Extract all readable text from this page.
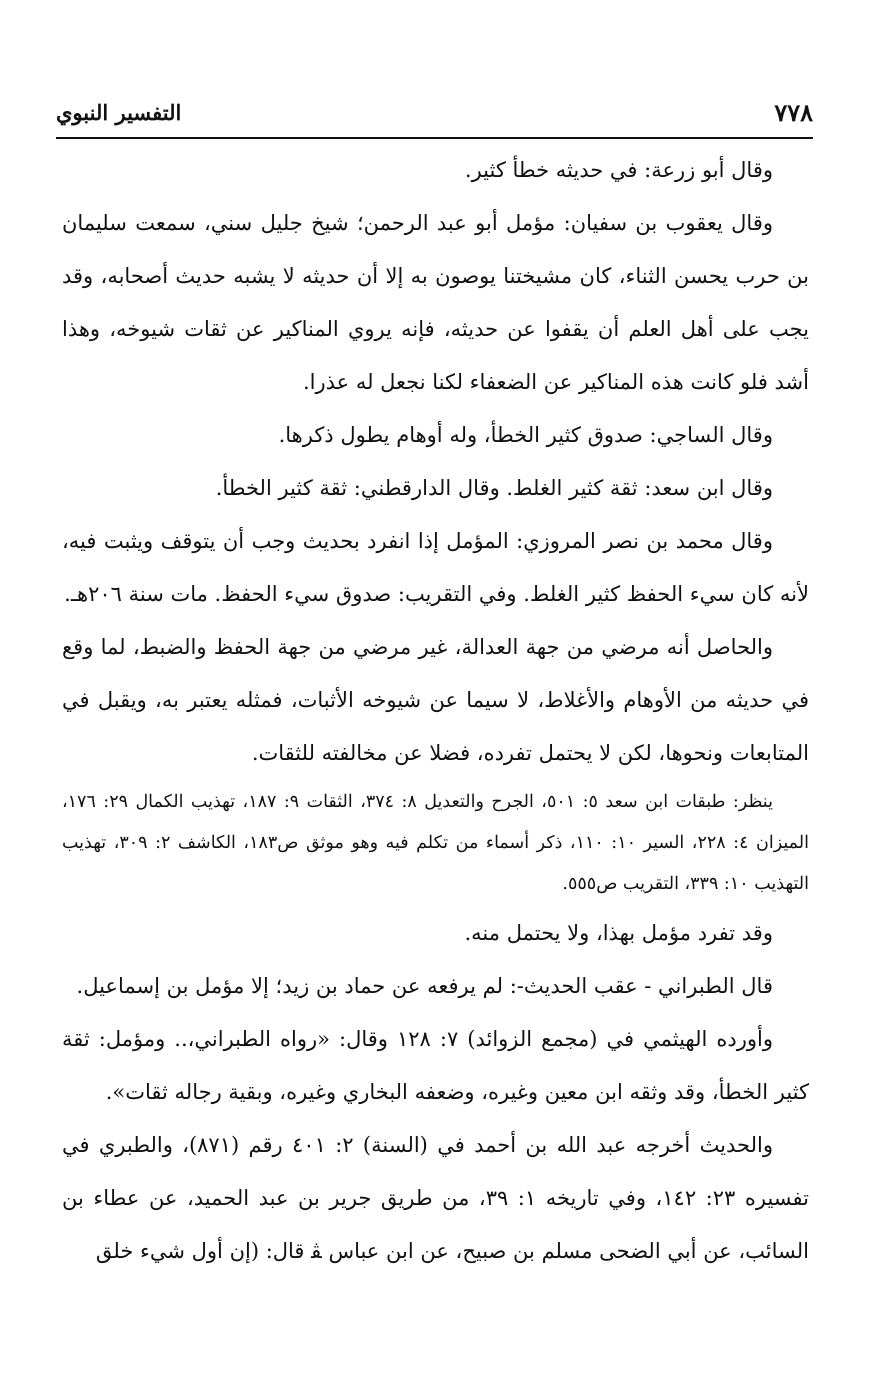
٧٧٨
التفسير النبوي

وقال أبو زرعة: في حديثه خطأ كثير.

وقال يعقوب بن سفيان: مؤمل أبو عبد الرحمن؛ شيخ جليل سني، سمعت سليمان بن حرب يحسن الثناء، كان مشيختنا يوصون به إلا أن حديثه لا يشبه حديث أصحابه، وقد يجب على أهل العلم أن يقفوا عن حديثه، فإنه يروي المناكير عن ثقات شيوخه، وهذا أشد فلو كانت هذه المناكير عن الضعفاء لكنا نجعل له عذرا.

وقال الساجي: صدوق كثير الخطأ، وله أوهام يطول ذكرها.

وقال ابن سعد: ثقة كثير الغلط. وقال الدارقطني: ثقة كثير الخطأ.

وقال محمد بن نصر المروزي: المؤمل إذا انفرد بحديث وجب أن يتوقف ويثبت فيه، لأنه كان سيء الحفظ كثير الغلط. وفي التقريب: صدوق سيء الحفظ. مات سنة ٢٠٦هـ.

والحاصل أنه مرضي من جهة العدالة، غير مرضي من جهة الحفظ والضبط، لما وقع في حديثه من الأوهام والأغلاط، لا سيما عن شيوخه الأثبات، فمثله يعتبر به، ويقبل في المتابعات ونحوها، لكن لا يحتمل تفرده، فضلا عن مخالفته للثقات.

ينظر: طبقات ابن سعد ٥: ٥٠١، الجرح والتعديل ٨: ٣٧٤، الثقات ٩: ١٨٧، تهذيب الكمال ٢٩: ١٧٦، الميزان ٤: ٢٢٨، السير ١٠: ١١٠، ذكر أسماء من تكلم فيه وهو موثق ص١٨٣، الكاشف ٢: ٣٠٩، تهذيب التهذيب ١٠: ٣٣٩، التقريب ص٥٥٥.

وقد تفرد مؤمل بهذا، ولا يحتمل منه.

قال الطبراني - عقب الحديث-: لم يرفعه عن حماد بن زيد؛ إلا مؤمل بن إسماعيل.

وأورده الهيثمي في (مجمع الزوائد) ٧: ١٢٨ وقال: «رواه الطبراني،.. ومؤمل: ثقة كثير الخطأ، وقد وثقه ابن معين وغيره، وضعفه البخاري وغيره، وبقية رجاله ثقات».

والحديث أخرجه عبد الله بن أحمد في (السنة) ٢: ٤٠١ رقم (٨٧١)، والطبري في تفسيره ٢٣: ١٤٢، وفي تاريخه ١: ٣٩، من طريق جرير بن عبد الحميد، عن عطاء بن السائب، عن أبي الضحى مسلم بن صبيح، عن ابن عباس ﭭ قال: (إن أول شيء خلق
